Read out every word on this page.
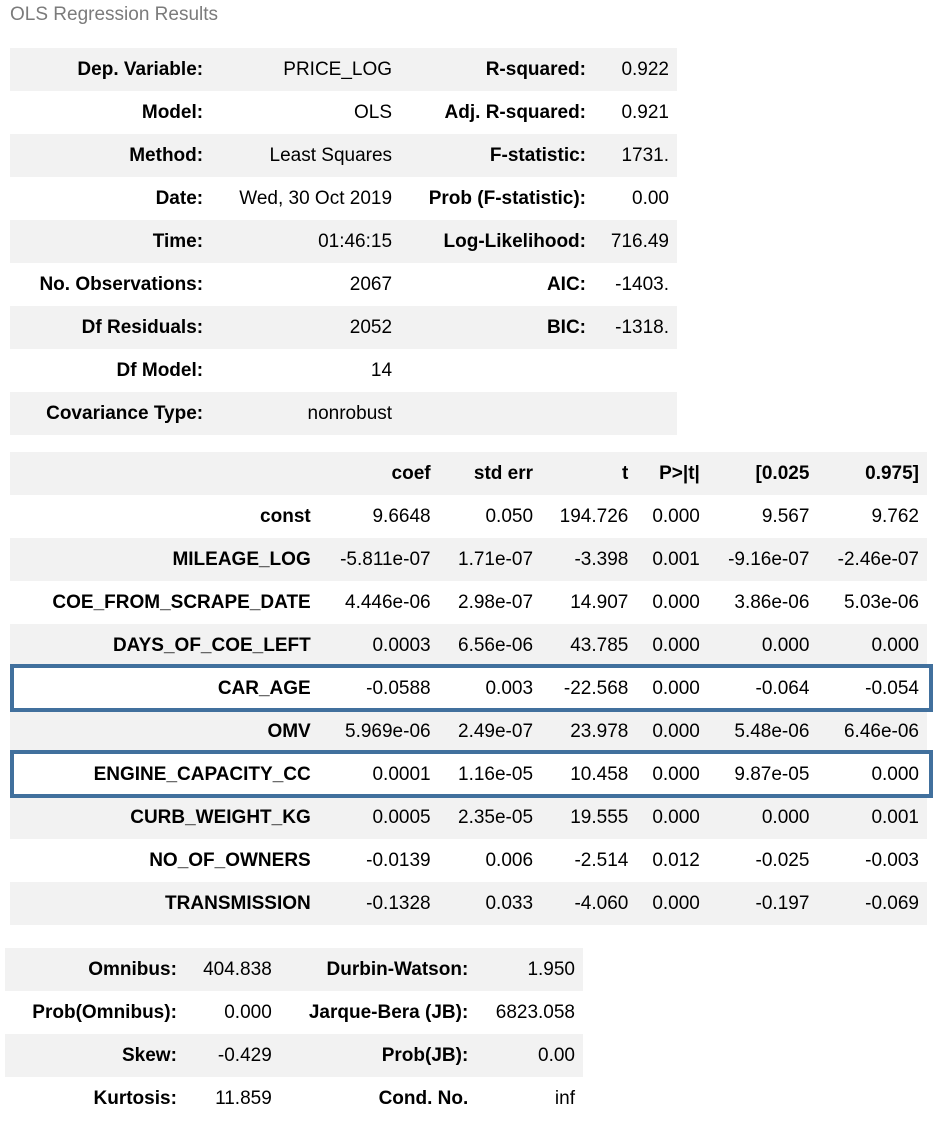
OLS Regression Results
Dep. Variable:	PRICE_LOG	R-squared:	0.922
Model:	OLS	Adj. R-squared:	0.921
Method:	Least Squares	F-statistic:	1731.
Date:	Wed, 30 Oct 2019	Prob (F-statistic):	0.00
Time:	01:46:15	Log-Likelihood:	716.49
No. Observations:	2067	AIC:	-1403.
Df Residuals:	2052	BIC:	-1318.
Df Model:	14		
Covariance Type:	nonrobust		
	coef	std err	t	P>|t|	[0.025	0.975]
const	9.6648	0.050	194.726	0.000	9.567	9.762
MILEAGE_LOG	-5.811e-07	1.71e-07	-3.398	0.001	-9.16e-07	-2.46e-07
COE_FROM_SCRAPE_DATE	4.446e-06	2.98e-07	14.907	0.000	3.86e-06	5.03e-06
DAYS_OF_COE_LEFT	0.0003	6.56e-06	43.785	0.000	0.000	0.000
CAR_AGE	-0.0588	0.003	-22.568	0.000	-0.064	-0.054
OMV	5.969e-06	2.49e-07	23.978	0.000	5.48e-06	6.46e-06
ENGINE_CAPACITY_CC	0.0001	1.16e-05	10.458	0.000	9.87e-05	0.000
CURB_WEIGHT_KG	0.0005	2.35e-05	19.555	0.000	0.000	0.001
NO_OF_OWNERS	-0.0139	0.006	-2.514	0.012	-0.025	-0.003
TRANSMISSION	-0.1328	0.033	-4.060	0.000	-0.197	-0.069
Omnibus:	404.838	Durbin-Watson:	1.950
Prob(Omnibus):	0.000	Jarque-Bera (JB):	6823.058
Skew:	-0.429	Prob(JB):	0.00
Kurtosis:	11.859	Cond. No.	inf
